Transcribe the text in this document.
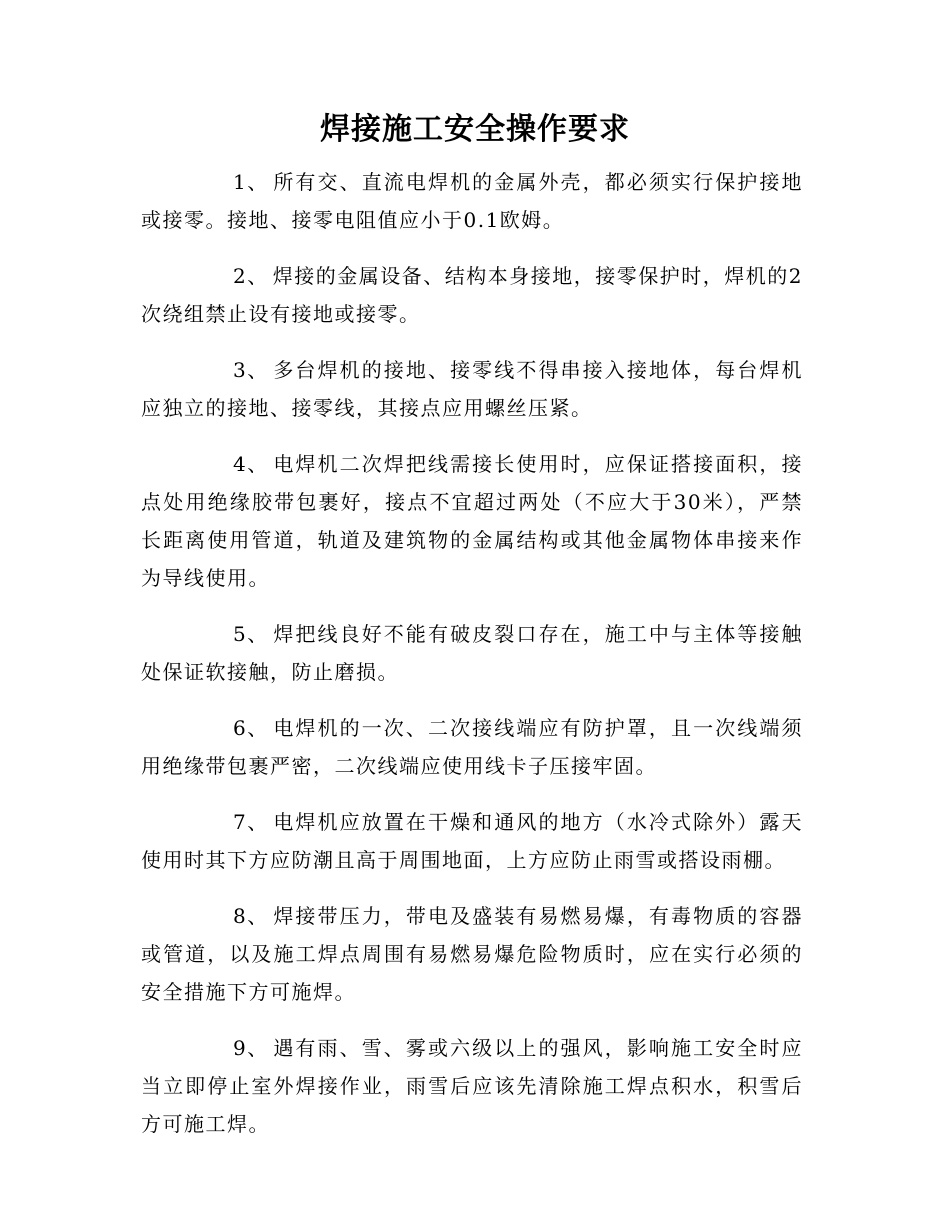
焊接施工安全操作要求

1、 所有交、直流电焊机的金属外壳，都必须实行保护接地或接零。接地、接零电阻值应小于0.1欧姆。

2、 焊接的金属设备、结构本身接地，接零保护时，焊机的2次绕组禁止设有接地或接零。

3、 多台焊机的接地、接零线不得串接入接地体，每台焊机应独立的接地、接零线，其接点应用螺丝压紧。

4、 电焊机二次焊把线需接长使用时，应保证搭接面积，接点处用绝缘胶带包裹好，接点不宜超过两处（不应大于30米），严禁长距离使用管道，轨道及建筑物的金属结构或其他金属物体串接来作为导线使用。

5、 焊把线良好不能有破皮裂口存在，施工中与主体等接触处保证软接触，防止磨损。

6、 电焊机的一次、二次接线端应有防护罩，且一次线端须用绝缘带包裹严密，二次线端应使用线卡子压接牢固。

7、 电焊机应放置在干燥和通风的地方（水冷式除外）露天使用时其下方应防潮且高于周围地面，上方应防止雨雪或搭设雨棚。

8、 焊接带压力，带电及盛装有易燃易爆，有毒物质的容器或管道，以及施工焊点周围有易燃易爆危险物质时，应在实行必须的安全措施下方可施焊。

9、 遇有雨、雪、雾或六级以上的强风，影响施工安全时应当立即停止室外焊接作业，雨雪后应该先清除施工焊点积水，积雪后方可施工焊。
